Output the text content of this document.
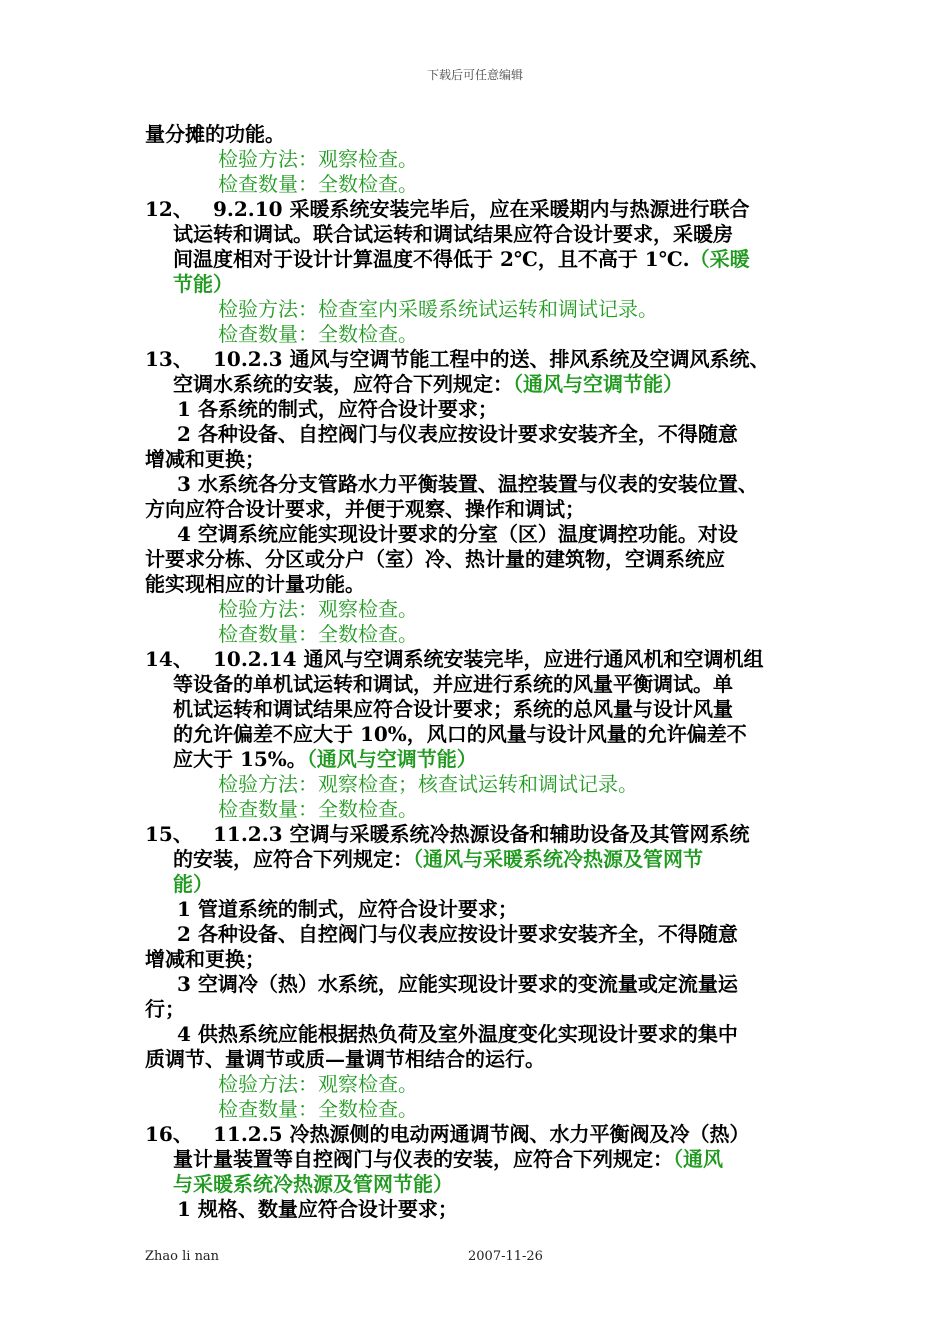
下载后可任意编辑
量分摊的功能。
检验方法：观察检查。
检查数量：全数检查。
12、 9.2.10 采暖系统安装完毕后，应在采暖期内与热源进行联合
试运转和调试。联合试运转和调试结果应符合设计要求，采暖房
间温度相对于设计计算温度不得低于 2℃，且不高于 1℃.（采暖
节能）
检验方法：检查室内采暖系统试运转和调试记录。
检查数量：全数检查。
13、 10.2.3 通风与空调节能工程中的送、排风系统及空调风系统、
空调水系统的安装，应符合下列规定：（通风与空调节能）
1 各系统的制式，应符合设计要求；
2 各种设备、自控阀门与仪表应按设计要求安装齐全，不得随意
增减和更换；
3 水系统各分支管路水力平衡装置、温控装置与仪表的安装位置、
方向应符合设计要求，并便于观察、操作和调试；
4 空调系统应能实现设计要求的分室（区）温度调控功能。对设
计要求分栋、分区或分户（室）冷、热计量的建筑物，空调系统应
能实现相应的计量功能。
检验方法：观察检查。
检查数量：全数检查。
14、 10.2.14 通风与空调系统安装完毕，应进行通风机和空调机组
等设备的单机试运转和调试，并应进行系统的风量平衡调试。单
机试运转和调试结果应符合设计要求；系统的总风量与设计风量
的允许偏差不应大于 10%，风口的风量与设计风量的允许偏差不
应大于 15%。（通风与空调节能）
检验方法：观察检查；核查试运转和调试记录。
检查数量：全数检查。
15、 11.2.3 空调与采暖系统冷热源设备和辅助设备及其管网系统
的安装，应符合下列规定：（通风与采暖系统冷热源及管网节
能）
1 管道系统的制式，应符合设计要求；
2 各种设备、自控阀门与仪表应按设计要求安装齐全，不得随意
增减和更换；
3 空调冷（热）水系统，应能实现设计要求的变流量或定流量运
行；
4 供热系统应能根据热负荷及室外温度变化实现设计要求的集中
质调节、量调节或质—量调节相结合的运行。
检验方法：观察检查。
检查数量：全数检查。
16、 11.2.5 冷热源侧的电动两通调节阀、水力平衡阀及冷（热）
量计量装置等自控阀门与仪表的安装，应符合下列规定：（通风
与采暖系统冷热源及管网节能）
1 规格、数量应符合设计要求；
Zhao li nan	2007-11-26
